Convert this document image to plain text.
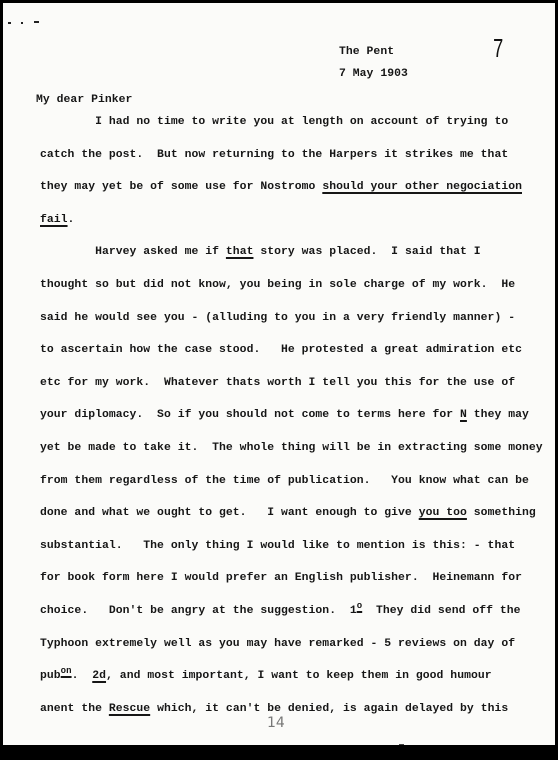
7
The Pent
7 May 1903
My dear Pinker
I had no time to write you at length on account of trying to
catch the post.  But now returning to the Harpers it strikes me that
they may yet be of some use for Nostromo should your other negociation
fail.
Harvey asked me if that story was placed.  I said that I
thought so but did not know, you being in sole charge of my work.  He
said he would see you - (alluding to you in a very friendly manner) -
to ascertain how the case stood.   He protested a great admiration etc
etc for my work.  Whatever thats worth I tell you this for the use of
your diplomacy.  So if you should not come to terms here for N they may
yet be made to take it.  The whole thing will be in extracting some money
from them regardless of the time of publication.   You know what can be
done and what we ought to get.   I want enough to give you too something
substantial.   The only thing I would like to mention is this: - that
for book form here I would prefer an English publisher.  Heinemann for
choice.   Don't be angry at the suggestion.  1$^o$  They did send off the
Typhoon extremely well as you may have remarked - 5 reviews on day of
pub$^{on}$.  2d, and most important, I want to keep them in good humour
anent the Rescue which, it can't be denied, is again delayed by this
14
